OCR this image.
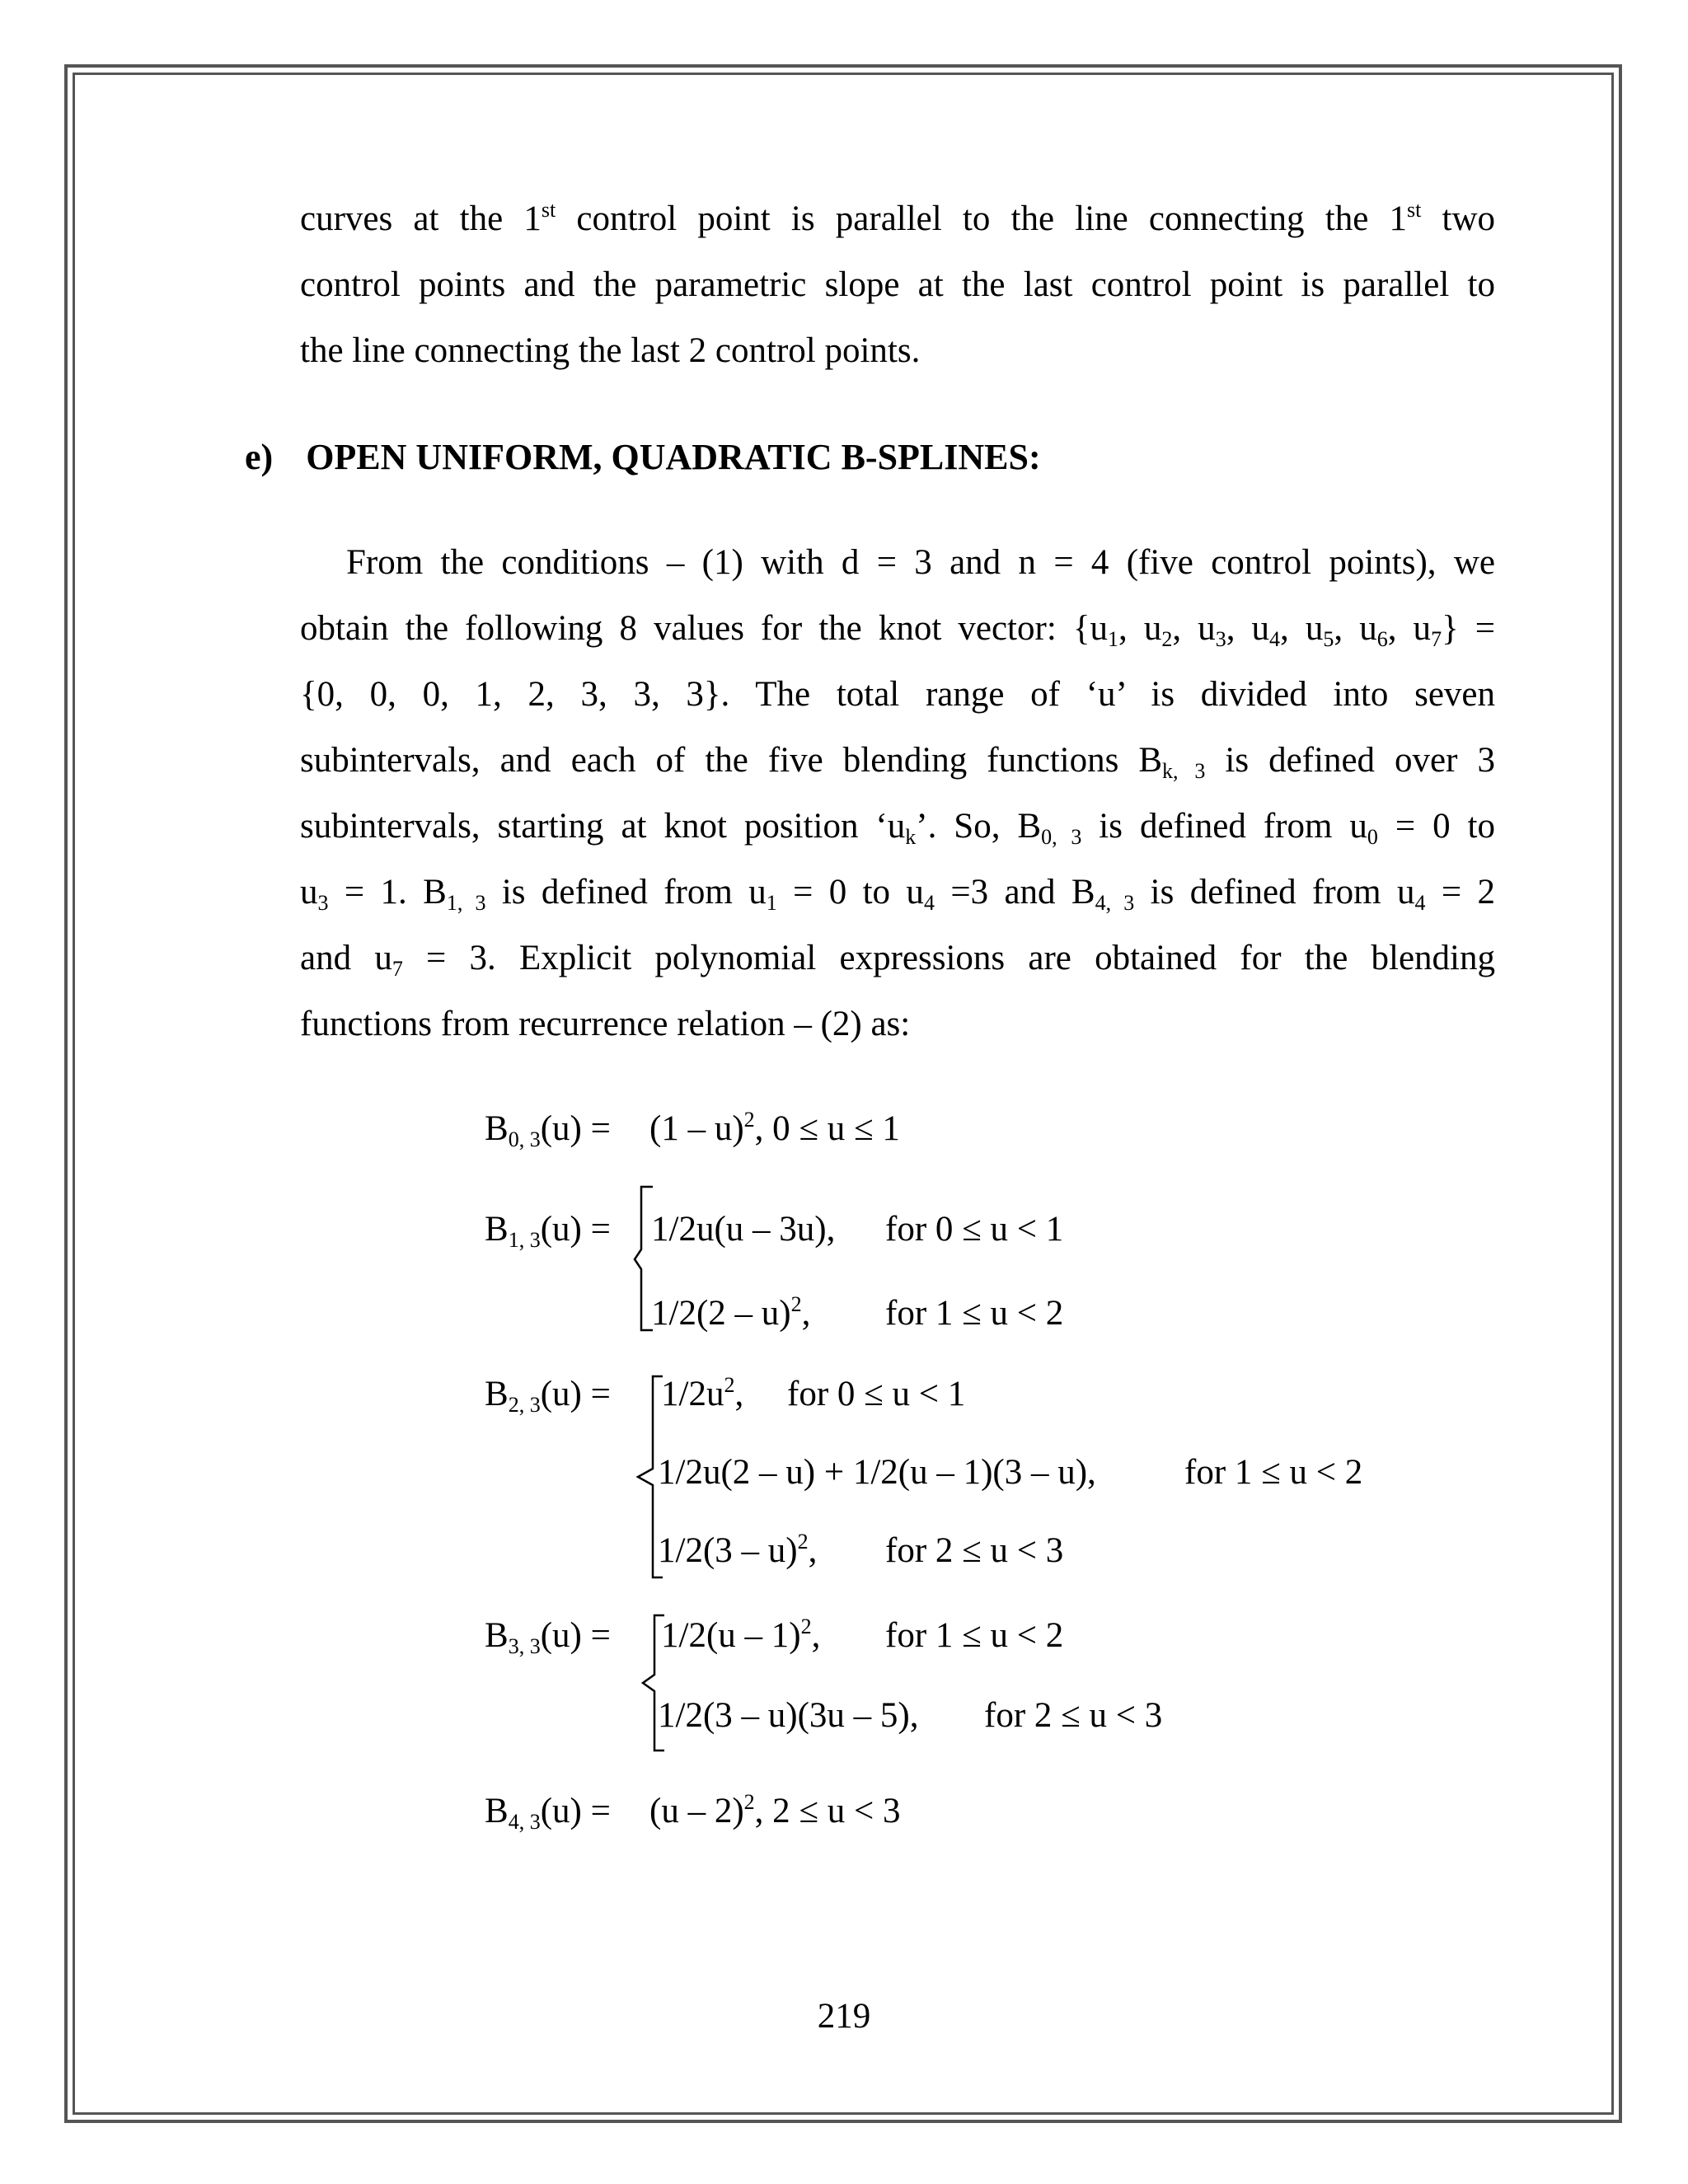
curves at the 1st control point is parallel to the line connecting the 1st two
control points and the parametric slope at the last control point is parallel to
the line connecting the last 2 control points.
e) OPEN UNIFORM, QUADRATIC B-SPLINES:
From the conditions – (1) with d = 3 and n = 4 (five control points), we
obtain the following 8 values for the knot vector: {$u_1$, $u_2$, $u_3$, $u_4$, $u_5$, $u_6$, $u_7$} =
{0, 0, 0, 1, 2, 3, 3, 3}. The total range of ‘u’ is divided into seven
subintervals, and each of the five blending functions $B_{k, 3}$ is defined over 3
subintervals, starting at knot position ‘$u_k$’. So, $B_{0, 3}$ is defined from $u_0 = 0$ to
$u_3 = 1$. $B_{1, 3}$ is defined from $u_1 = 0$ to $u_4 =3$ and $B_{4, 3}$ is defined from $u_4 = 2$
and $u_7 = 3$. Explicit polynomial expressions are obtained for the blending
functions from recurrence relation – (2) as:
$B_{0, 3}(u) = (1 - u)^2$, 0 ≤ u ≤ 1
$B_{1, 3}(u) = 1/2u(u - 3u)$, for 0 ≤ u < 1
1/2(2 – u)$^2$, for 1 ≤ u < 2
$B_{2, 3}(u) = 1/2u^2$, for 0 ≤ u < 1
1/2u(2 – u) + 1/2(u – 1)(3 – u), for 1 ≤ u < 2
1/2(3 – u)$^2$, for 2 ≤ u < 3
$B_{3, 3}(u) = 1/2(u - 1)^2$, for 1 ≤ u < 2
1/2(3 – u)(3u – 5), for 2 ≤ u < 3
$B_{4, 3}(u) = (u - 2)^2$, 2 ≤ u < 3
219
